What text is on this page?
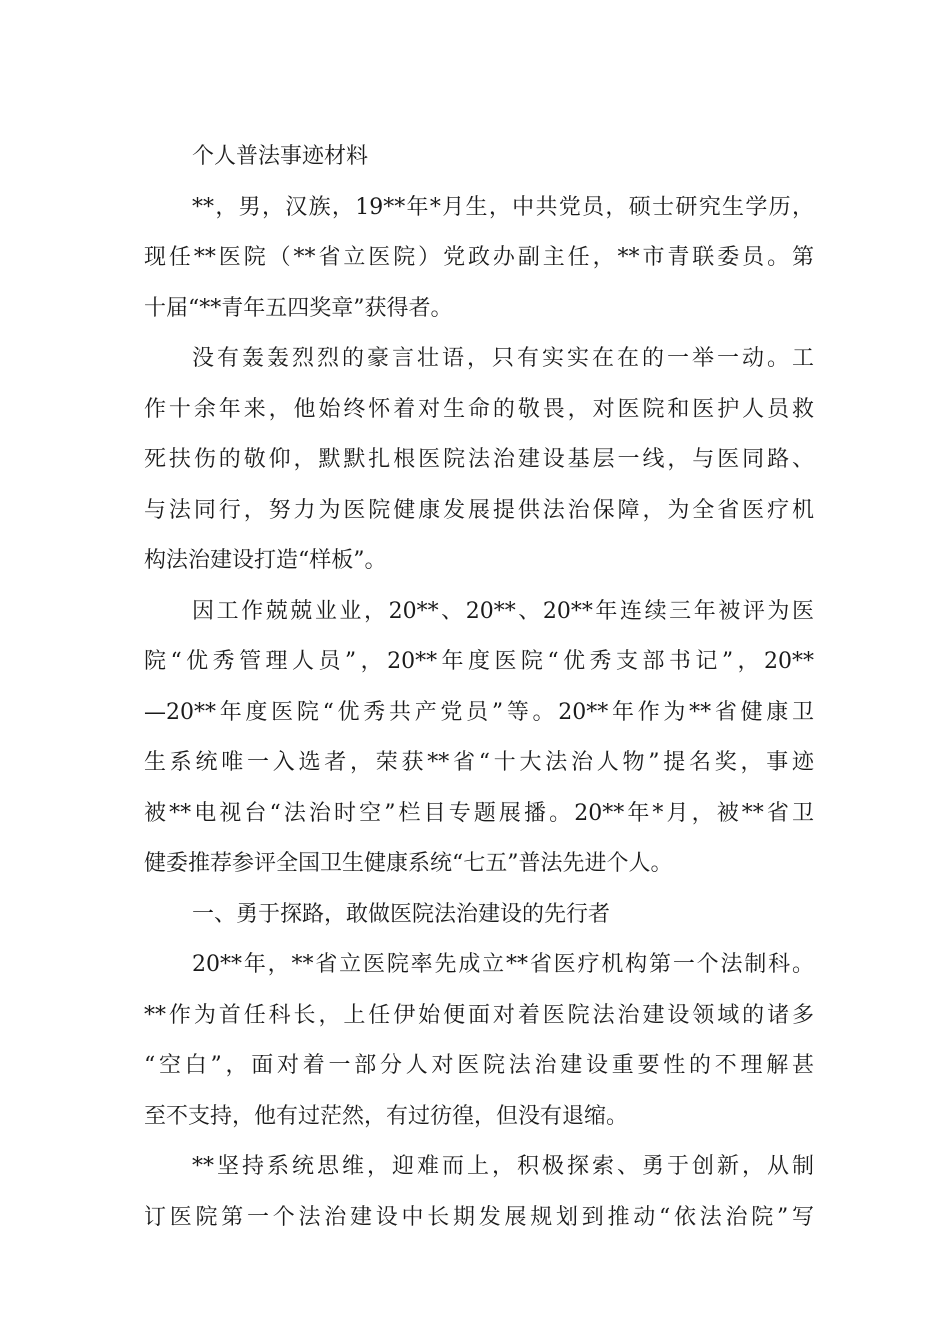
个人普法事迹材料
**，男，汉族，19**年*月生，中共党员，硕士研究生学历，
现任**医院（**省立医院）党政办副主任，**市青联委员。第
十届“**青年五四奖章”获得者。
没有轰轰烈烈的豪言壮语，只有实实在在的一举一动。工
作十余年来，他始终怀着对生命的敬畏，对医院和医护人员救
死扶伤的敬仰，默默扎根医院法治建设基层一线，与医同路、
与法同行，努力为医院健康发展提供法治保障，为全省医疗机
构法治建设打造“样板”。
因工作兢兢业业，20**、20**、20**年连续三年被评为医
院“优秀管理人员”，20**年度医院“优秀支部书记”，20**
—20**年度医院“优秀共产党员”等。20**年作为**省健康卫
生系统唯一入选者，荣获**省“十大法治人物”提名奖，事迹
被**电视台“法治时空”栏目专题展播。20**年*月，被**省卫
健委推荐参评全国卫生健康系统“七五”普法先进个人。
一、勇于探路，敢做医院法治建设的先行者
20**年，**省立医院率先成立**省医疗机构第一个法制科。
**作为首任科长，上任伊始便面对着医院法治建设领域的诸多
“空白”，面对着一部分人对医院法治建设重要性的不理解甚
至不支持，他有过茫然，有过彷徨，但没有退缩。
**坚持系统思维，迎难而上，积极探索、勇于创新，从制
订医院第一个法治建设中长期发展规划到推动“依法治院”写
